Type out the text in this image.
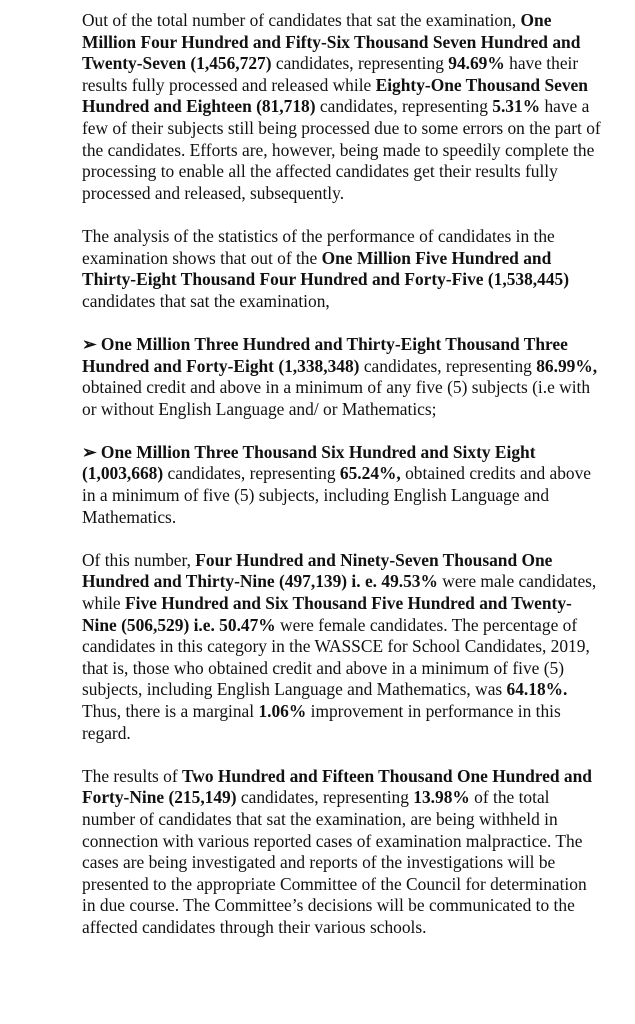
Out of the total number of candidates that sat the examination, One Million Four Hundred and Fifty-Six Thousand Seven Hundred and Twenty-Seven (1,456,727) candidates, representing 94.69% have their results fully processed and released while Eighty-One Thousand Seven Hundred and Eighteen (81,718) candidates, representing 5.31% have a few of their subjects still being processed due to some errors on the part of the candidates. Efforts are, however, being made to speedily complete the processing to enable all the affected candidates get their results fully processed and released, subsequently.

The analysis of the statistics of the performance of candidates in the examination shows that out of the One Million Five Hundred and Thirty-Eight Thousand Four Hundred and Forty-Five (1,538,445) candidates that sat the examination,

➢ One Million Three Hundred and Thirty-Eight Thousand Three Hundred and Forty-Eight (1,338,348) candidates, representing 86.99%, obtained credit and above in a minimum of any five (5) subjects (i.e with or without English Language and/ or Mathematics;

➢ One Million Three Thousand Six Hundred and Sixty Eight (1,003,668) candidates, representing 65.24%, obtained credits and above in a minimum of five (5) subjects, including English Language and Mathematics.

Of this number, Four Hundred and Ninety-Seven Thousand One Hundred and Thirty-Nine (497,139) i. e. 49.53% were male candidates, while Five Hundred and Six Thousand Five Hundred and Twenty-Nine (506,529) i.e. 50.47% were female candidates. The percentage of candidates in this category in the WASSCE for School Candidates, 2019, that is, those who obtained credit and above in a minimum of five (5) subjects, including English Language and Mathematics, was 64.18%. Thus, there is a marginal 1.06% improvement in performance in this regard.

The results of Two Hundred and Fifteen Thousand One Hundred and Forty-Nine (215,149) candidates, representing 13.98% of the total number of candidates that sat the examination, are being withheld in connection with various reported cases of examination malpractice. The cases are being investigated and reports of the investigations will be presented to the appropriate Committee of the Council for determination in due course. The Committee’s decisions will be communicated to the affected candidates through their various schools.
